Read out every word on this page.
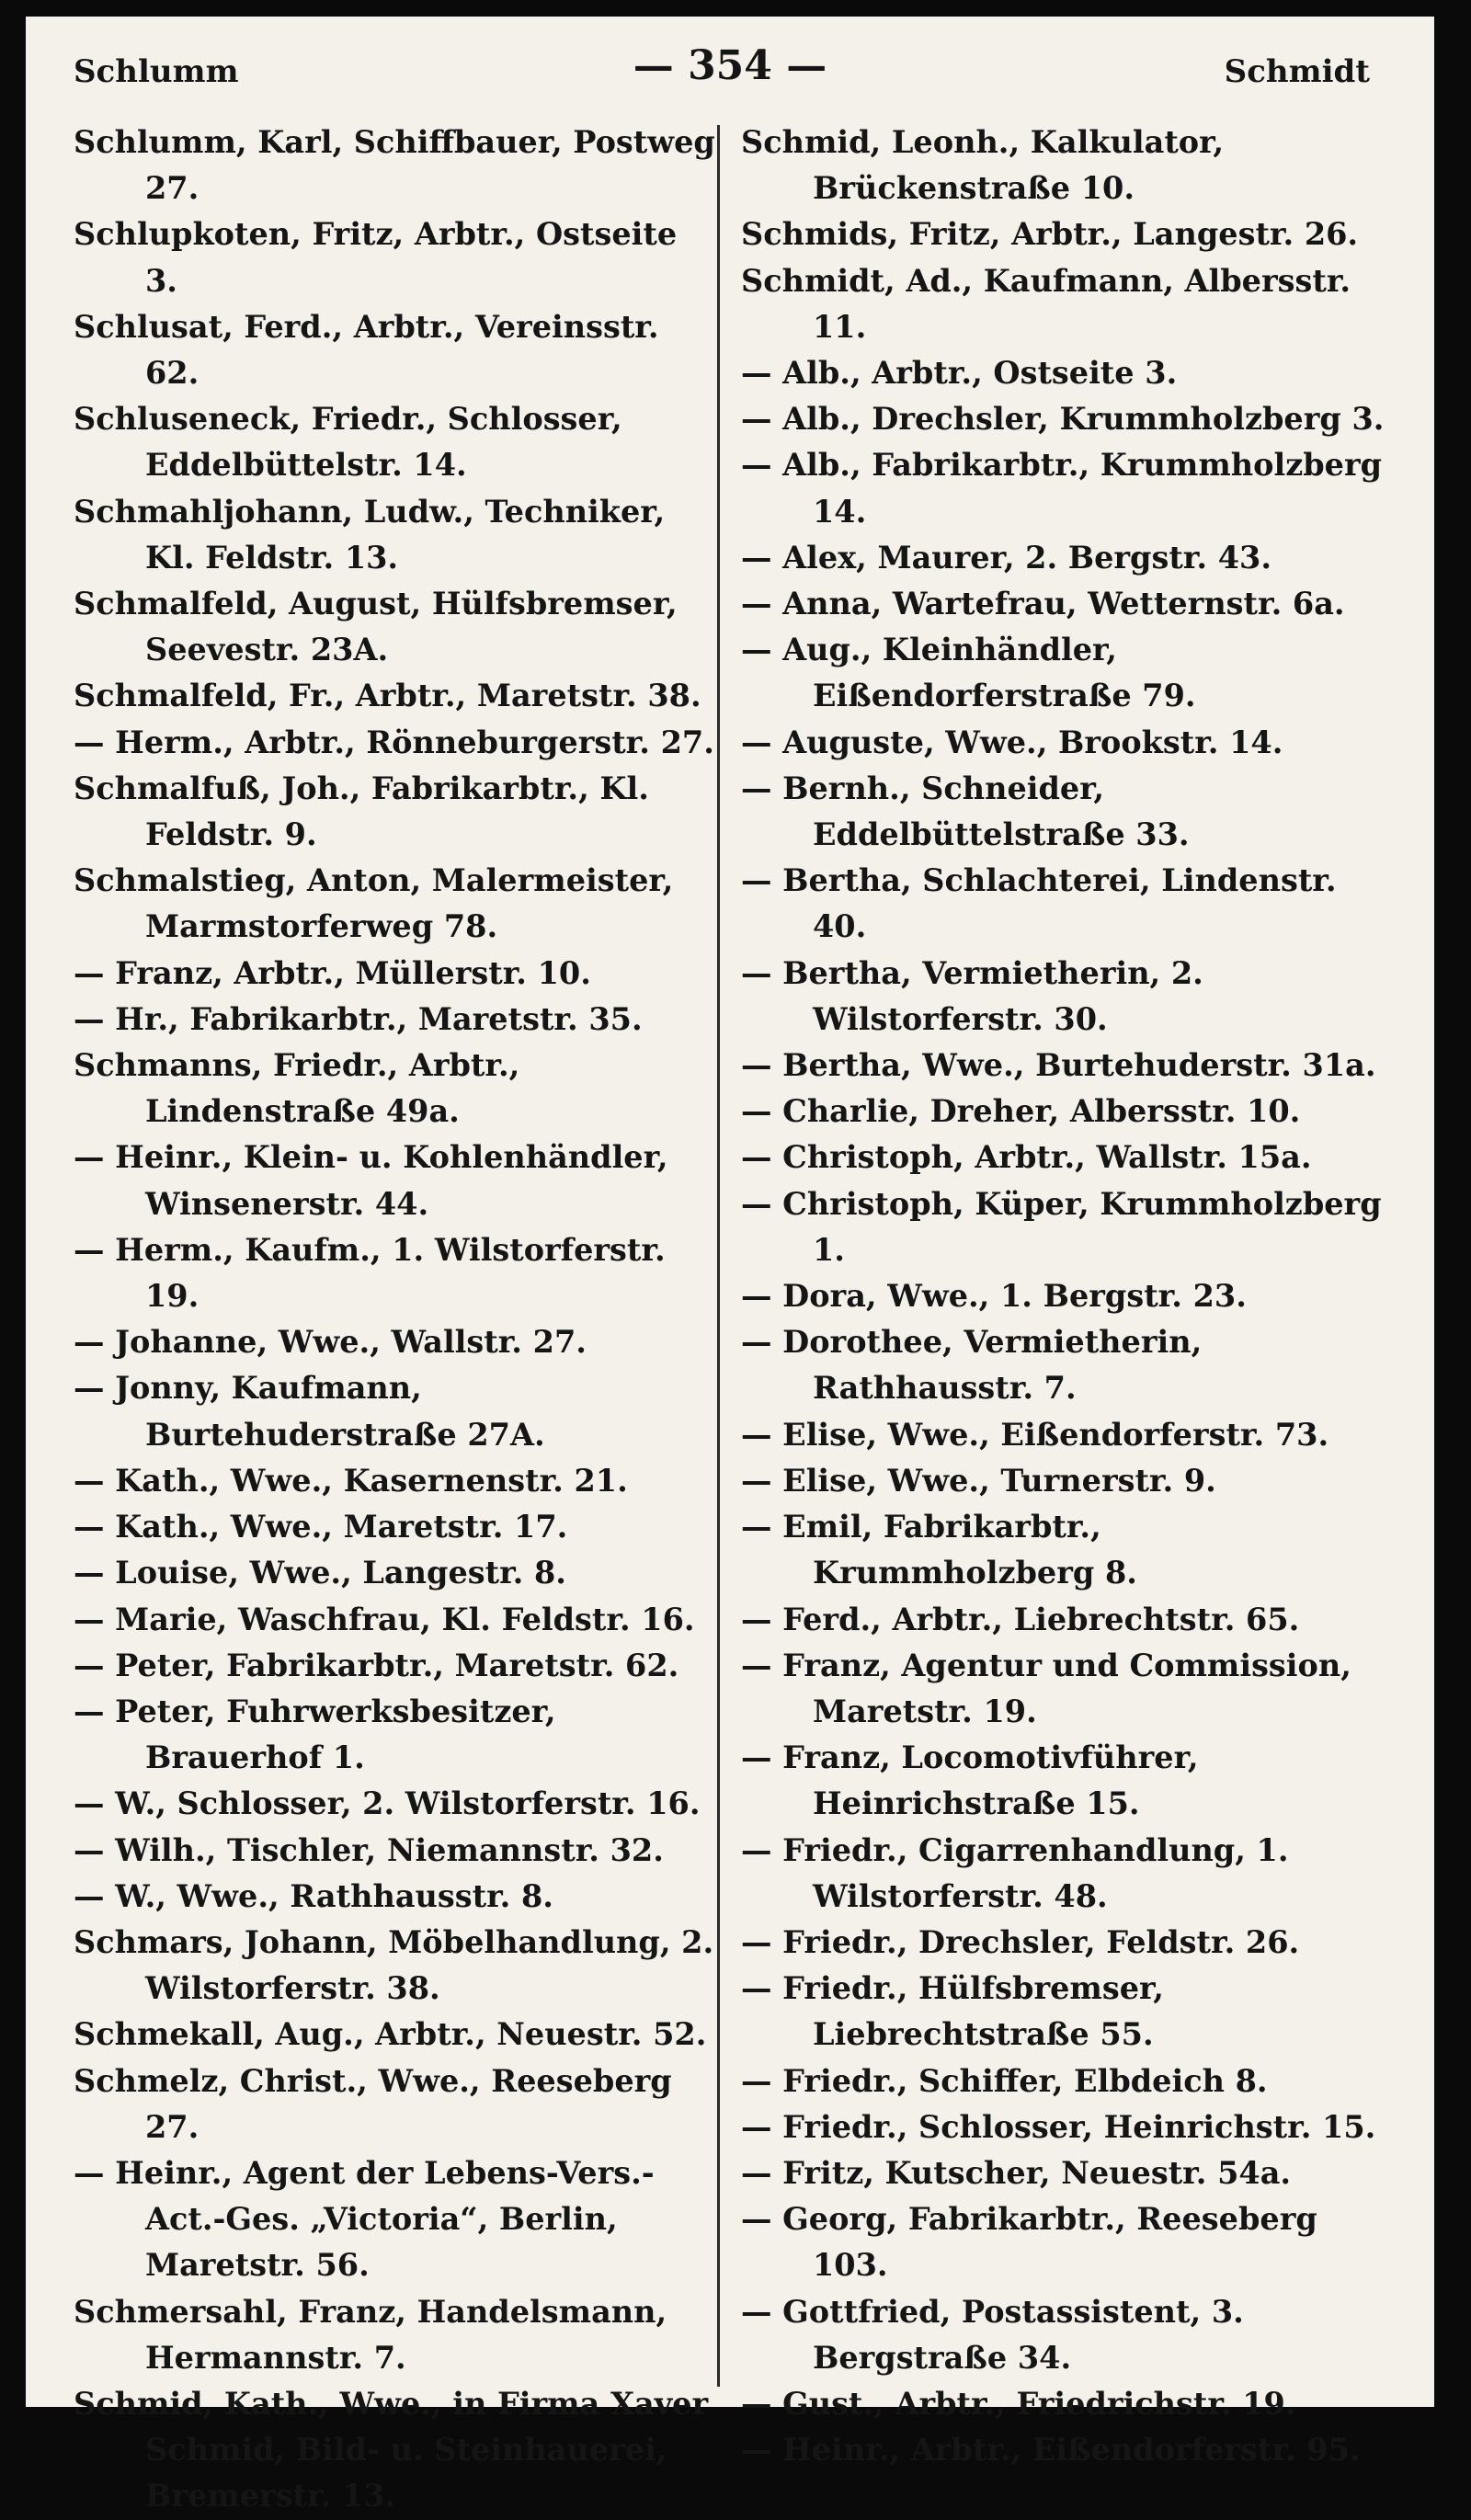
Schlumm	— 354 —	Schmidt

Schlumm, Karl, Schiffbauer, Postweg 27.

Schlupkoten, Fritz, Arbtr., Ostseite 3.

Schlusat, Ferd., Arbtr., Vereinsstr. 62.

Schluseneck, Friedr., Schlosser, Eddelbüttelstr. 14.

Schmahljohann, Ludw., Techniker, Kl. Feldstr. 13.

Schmalfeld, August, Hülfsbremser, Seevestr. 23A.

Schmalfeld, Fr., Arbtr., Maretstr. 38.

— Herm., Arbtr., Rönneburgerstr. 27.

Schmalfuß, Joh., Fabrikarbtr., Kl. Feldstr. 9.

Schmalstieg, Anton, Malermeister, Marmstorferweg 78.

— Franz, Arbtr., Müllerstr. 10.

— Hr., Fabrikarbtr., Maretstr. 35.

Schmanns, Friedr., Arbtr., Lindenstraße 49a.

— Heinr., Klein- u. Kohlenhändler, Winsenerstr. 44.

— Herm., Kaufm., 1. Wilstorferstr. 19.

— Johanne, Wwe., Wallstr. 27.

— Jonny, Kaufmann, Burtehuderstraße 27A.

— Kath., Wwe., Kasernenstr. 21.

— Kath., Wwe., Maretstr. 17.

— Louise, Wwe., Langestr. 8.

— Marie, Waschfrau, Kl. Feldstr. 16.

— Peter, Fabrikarbtr., Maretstr. 62.

— Peter, Fuhrwerksbesitzer, Brauerhof 1.

— W., Schlosser, 2. Wilstorferstr. 16.

— Wilh., Tischler, Niemannstr. 32.

— W., Wwe., Rathhausstr. 8.

Schmars, Johann, Möbelhandlung, 2. Wilstorferstr. 38.

Schmekall, Aug., Arbtr., Neuestr. 52.

Schmelz, Christ., Wwe., Reeseberg 27.

— Heinr., Agent der Lebens-Vers.-Act.-Ges. „Victoria“, Berlin, Maretstr. 56.

Schmersahl, Franz, Handelsmann, Hermannstr. 7.

Schmid, Kath., Wwe., in Firma Xaver Schmid, Bild- u. Steinhauerei, Bremerstr. 13.

Schmid, Leonh., Kalkulator, Brückenstraße 10.

Schmids, Fritz, Arbtr., Langestr. 26.

Schmidt, Ad., Kaufmann, Albersstr. 11.

— Alb., Arbtr., Ostseite 3.

— Alb., Drechsler, Krummholzberg 3.

— Alb., Fabrikarbtr., Krummholzberg 14.

— Alex, Maurer, 2. Bergstr. 43.

— Anna, Wartefrau, Wetternstr. 6a.

— Aug., Kleinhändler, Eißendorferstraße 79.

— Auguste, Wwe., Brookstr. 14.

— Bernh., Schneider, Eddelbüttelstraße 33.

— Bertha, Schlachterei, Lindenstr. 40.

— Bertha, Vermietherin, 2. Wilstorferstr. 30.

— Bertha, Wwe., Burtehuderstr. 31a.

— Charlie, Dreher, Albersstr. 10.

— Christoph, Arbtr., Wallstr. 15a.

— Christoph, Küper, Krummholzberg 1.

— Dora, Wwe., 1. Bergstr. 23.

— Dorothee, Vermietherin, Rathhausstr. 7.

— Elise, Wwe., Eißendorferstr. 73.

— Elise, Wwe., Turnerstr. 9.

— Emil, Fabrikarbtr., Krummholzberg 8.

— Ferd., Arbtr., Liebrechtstr. 65.

— Franz, Agentur und Commission, Maretstr. 19.

— Franz, Locomotivführer, Heinrichstraße 15.

— Friedr., Cigarrenhandlung, 1. Wilstorferstr. 48.

— Friedr., Drechsler, Feldstr. 26.

— Friedr., Hülfsbremser, Liebrechtstraße 55.

— Friedr., Schiffer, Elbdeich 8.

— Friedr., Schlosser, Heinrichstr. 15.

— Fritz, Kutscher, Neuestr. 54a.

— Georg, Fabrikarbtr., Reeseberg 103.

— Gottfried, Postassistent, 3. Bergstraße 34.

— Gust., Arbtr., Friedrichstr. 19.

— Heinr., Arbtr., Eißendorferstr. 95.
